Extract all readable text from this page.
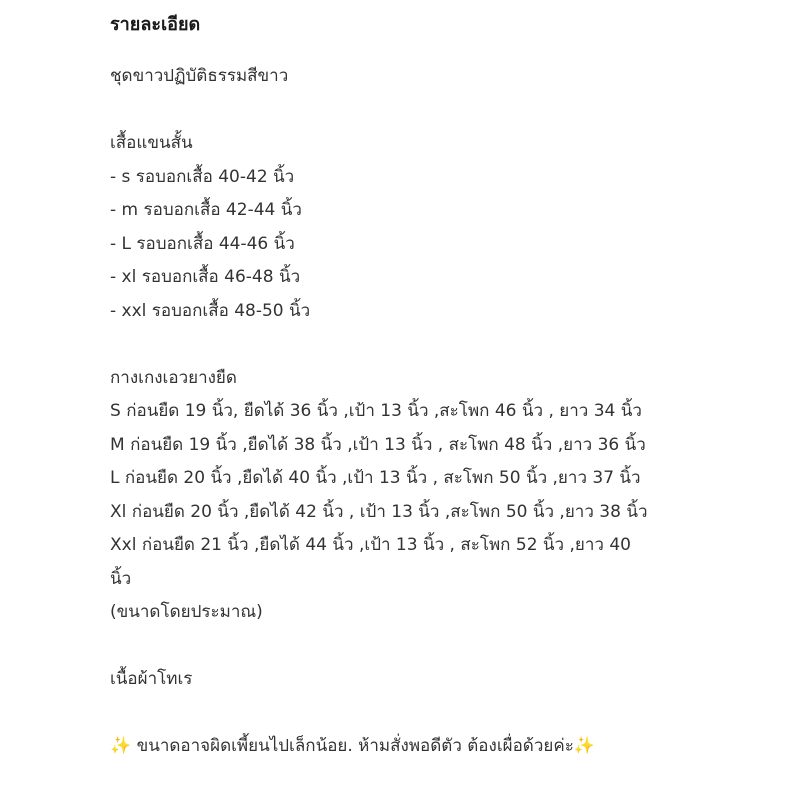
รายละเอียด
ชุดขาวปฏิบัติธรรมสีขาว
เสื้อแขนสั้น
- s รอบอกเสื้อ 40-42 นิ้ว
- m รอบอกเสื้อ 42-44 นิ้ว
- L รอบอกเสื้อ 44-46 นิ้ว
- xl รอบอกเสื้อ 46-48 นิ้ว
- xxl รอบอกเสื้อ 48-50 นิ้ว
กางเกงเอวยางยืด
S ก่อนยืด 19 นิ้ว, ยืดได้ 36 นิ้ว ,เป้า 13 นิ้ว ,สะโพก 46 นิ้ว , ยาว 34 นิ้ว
M ก่อนยืด 19 นิ้ว ,ยืดได้ 38 นิ้ว ,เป้า 13 นิ้ว , สะโพก 48 นิ้ว ,ยาว 36 นิ้ว
L ก่อนยืด 20 นิ้ว ,ยืดได้ 40 นิ้ว ,เป้า 13 นิ้ว , สะโพก 50 นิ้ว ,ยาว 37 นิ้ว
Xl ก่อนยืด 20 นิ้ว ,ยืดได้ 42 นิ้ว , เป้า 13 นิ้ว ,สะโพก 50 นิ้ว ,ยาว 38 นิ้ว
Xxl ก่อนยืด 21 นิ้ว ,ยืดได้ 44 นิ้ว ,เป้า 13 นิ้ว , สะโพก 52 นิ้ว ,ยาว 40
นิ้ว
(ขนาดโดยประมาณ)
เนื้อผ้าโทเร
✨ ขนาดอาจผิดเพี้ยนไปเล็กน้อย. ห้ามสั่งพอดีตัว ต้องเผื่อด้วยค่ะ✨
